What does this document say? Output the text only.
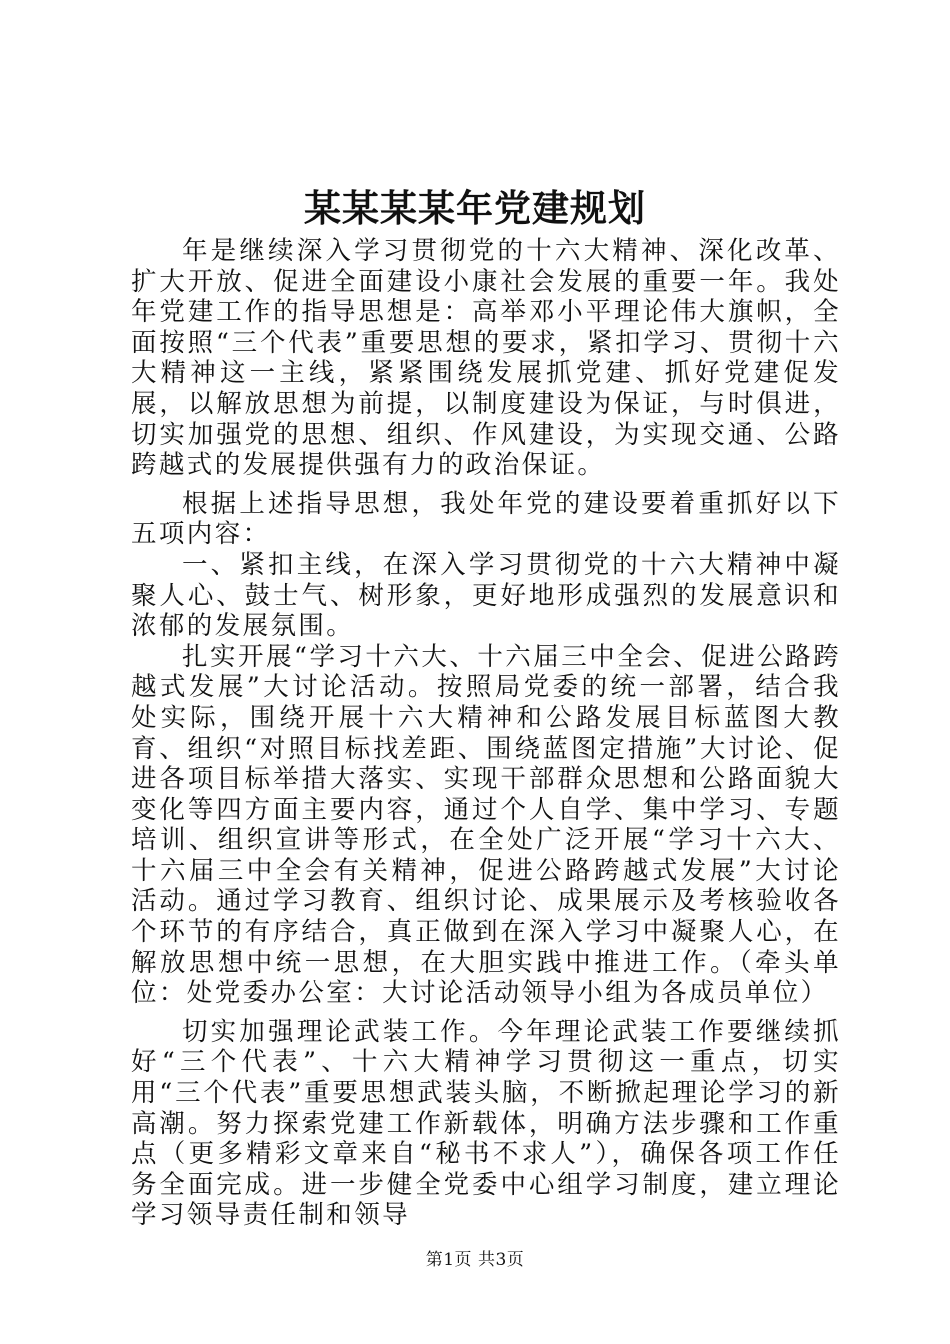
某某某某年党建规划

年是继续深入学习贯彻党的十六大精神、深化改革、扩大开放、促进全面建设小康社会发展的重要一年。我处年党建工作的指导思想是：高举邓小平理论伟大旗帜，全面按照“三个代表”重要思想的要求，紧扣学习、贯彻十六大精神这一主线，紧紧围绕发展抓党建、抓好党建促发展，以解放思想为前提，以制度建设为保证，与时俱进，切实加强党的思想、组织、作风建设，为实现交通、公路跨越式的发展提供强有力的政治保证。

根据上述指导思想，我处年党的建设要着重抓好以下五项内容：

一、紧扣主线，在深入学习贯彻党的十六大精神中凝聚人心、鼓士气、树形象，更好地形成强烈的发展意识和浓郁的发展氛围。

扎实开展“学习十六大、十六届三中全会、促进公路跨越式发展”大讨论活动。按照局党委的统一部署，结合我处实际，围绕开展十六大精神和公路发展目标蓝图大教育、组织“对照目标找差距、围绕蓝图定措施”大讨论、促进各项目标举措大落实、实现干部群众思想和公路面貌大变化等四方面主要内容，通过个人自学、集中学习、专题培训、组织宣讲等形式，在全处广泛开展“学习十六大、十六届三中全会有关精神，促进公路跨越式发展”大讨论活动。通过学习教育、组织讨论、成果展示及考核验收各个环节的有序结合，真正做到在深入学习中凝聚人心，在解放思想中统一思想，在大胆实践中推进工作。（牵头单位：处党委办公室：大讨论活动领导小组为各成员单位）

切实加强理论武装工作。今年理论武装工作要继续抓好“三个代表”、十六大精神学习贯彻这一重点，切实用“三个代表”重要思想武装头脑，不断掀起理论学习的新高潮。努力探索党建工作新载体，明确方法步骤和工作重点（更多精彩文章来自“秘书不求人”），确保各项工作任务全面完成。进一步健全党委中心组学习制度，建立理论学习领导责任制和领导

第1页 共3页
